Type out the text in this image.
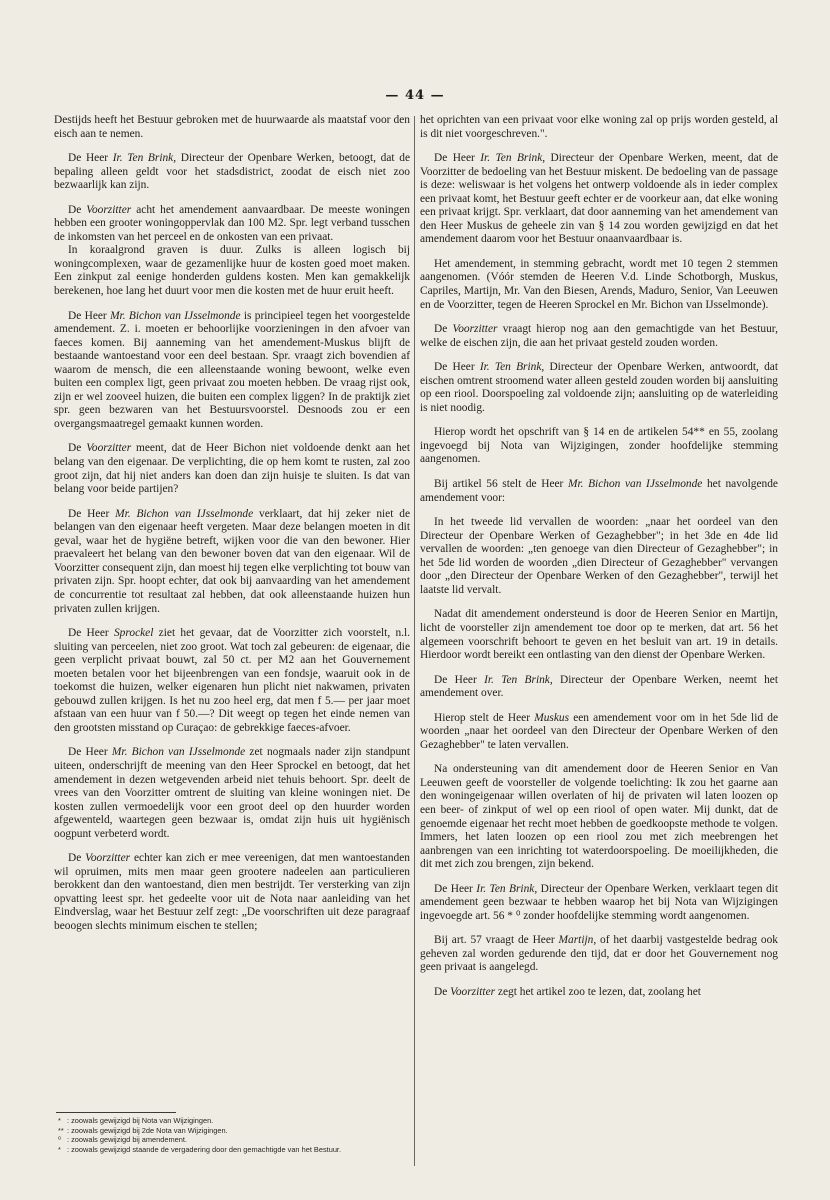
— 44 —

Destijds heeft het Bestuur gebroken met de huurwaarde als maatstaf voor den eisch aan te nemen.

De Heer Ir. Ten Brink, Directeur der Openbare Werken, betoogt, dat de bepaling alleen geldt voor het stadsdistrict, zoodat de eisch niet zoo bezwaarlijk kan zijn.

De Voorzitter acht het amendement aanvaardbaar. De meeste woningen hebben een grooter woningoppervlak dan 100 M2. Spr. legt verband tusschen de inkomsten van het perceel en de onkosten van een privaat.

In koraalgrond graven is duur. Zulks is alleen logisch bij woningcomplexen, waar de gezamenlijke huur de kosten goed moet maken. Een zinkput zal eenige honderden guldens kosten. Men kan gemakkelijk berekenen, hoe lang het duurt voor men die kosten met de huur eruit heeft.

De Heer Mr. Bichon van IJsselmonde is principieel tegen het voorgestelde amendement. Z. i. moeten er behoorlijke voorzieningen in den afvoer van faeces komen. Bij aanneming van het amendement-Muskus blijft de bestaande wantoestand voor een deel bestaan. Spr. vraagt zich bovendien af waarom de mensch, die een alleenstaande woning bewoont, welke even buiten een complex ligt, geen privaat zou moeten hebben. De vraag rijst ook, zijn er wel zooveel huizen, die buiten een complex liggen? In de praktijk ziet spr. geen bezwaren van het Bestuursvoorstel. Desnoods zou er een overgangsmaatregel gemaakt kunnen worden.

De Voorzitter meent, dat de Heer Bichon niet voldoende denkt aan het belang van den eigenaar. De verplichting, die op hem komt te rusten, zal zoo groot zijn, dat hij niet anders kan doen dan zijn huisje te sluiten. Is dat van belang voor beide partijen?

De Heer Mr. Bichon van IJsselmonde verklaart, dat hij zeker niet de belangen van den eigenaar heeft vergeten. Maar deze belangen moeten in dit geval, waar het de hygiëne betreft, wijken voor die van den bewoner. Hier praevaleert het belang van den bewoner boven dat van den eigenaar. Wil de Voorzitter consequent zijn, dan moest hij tegen elke verplichting tot bouw van privaten zijn. Spr. hoopt echter, dat ook bij aanvaarding van het amendement de concurrentie tot resultaat zal hebben, dat ook alleenstaande huizen hun privaten zullen krijgen.

De Heer Sprockel ziet het gevaar, dat de Voorzitter zich voorstelt, n.l. sluiting van perceelen, niet zoo groot. Wat toch zal gebeuren: de eigenaar, die geen verplicht privaat bouwt, zal 50 ct. per M2 aan het Gouvernement moeten betalen voor het bijeenbrengen van een fondsje, waaruit ook in de toekomst die huizen, welker eigenaren hun plicht niet nakwamen, privaten gebouwd zullen krijgen. Is het nu zoo heel erg, dat men f 5.— per jaar moet afstaan van een huur van f 50.—? Dit weegt op tegen het einde nemen van den grootsten misstand op Curaçao: de gebrekkige faeces-afvoer.

De Heer Mr. Bichon van IJsselmonde zet nogmaals nader zijn standpunt uiteen, onderschrijft de meening van den Heer Sprockel en betoogt, dat het amendement in dezen wetgevenden arbeid niet tehuis behoort. Spr. deelt de vrees van den Voorzitter omtrent de sluiting van kleine woningen niet. De kosten zullen vermoedelijk voor een groot deel op den huurder worden afgewenteld, waartegen geen bezwaar is, omdat zijn huis uit hygiënisch oogpunt verbeterd wordt.

De Voorzitter echter kan zich er mee vereenigen, dat men wantoestanden wil opruimen, mits men maar geen grootere nadeelen aan particulieren berokkent dan den wantoestand, dien men bestrijdt. Ter versterking van zijn opvatting leest spr. het gedeelte voor uit de Nota naar aanleiding van het Eindverslag, waar het Bestuur zelf zegt: „De voorschriften uit deze paragraaf beoogen slechts minimum eischen te stellen;

het oprichten van een privaat voor elke woning zal op prijs worden gesteld, al is dit niet voorgeschreven.".

De Heer Ir. Ten Brink, Directeur der Openbare Werken, meent, dat de Voorzitter de bedoeling van het Bestuur miskent. De bedoeling van de passage is deze: weliswaar is het volgens het ontwerp voldoende als in ieder complex een privaat komt, het Bestuur geeft echter er de voorkeur aan, dat elke woning een privaat krijgt. Spr. verklaart, dat door aanneming van het amendement van den Heer Muskus de geheele zin van § 14 zou worden gewijzigd en dat het amendement daarom voor het Bestuur onaanvaardbaar is.

Het amendement, in stemming gebracht, wordt met 10 tegen 2 stemmen aangenomen. (Vóór stemden de Heeren V.d. Linde Schotborgh, Muskus, Capriles, Martijn, Mr. Van den Biesen, Arends, Maduro, Senior, Van Leeuwen en de Voorzitter, tegen de Heeren Sprockel en Mr. Bichon van IJsselmonde).

De Voorzitter vraagt hierop nog aan den gemachtigde van het Bestuur, welke de eischen zijn, die aan het privaat gesteld zouden worden.

De Heer Ir. Ten Brink, Directeur der Openbare Werken, antwoordt, dat eischen omtrent stroomend water alleen gesteld zouden worden bij aansluiting op een riool. Doorspoeling zal voldoende zijn; aansluiting op de waterleiding is niet noodig.

Hierop wordt het opschrift van § 14 en de artikelen 54** en 55, zoolang ingevoegd bij Nota van Wijzigingen, zonder hoofdelijke stemming aangenomen.

Bij artikel 56 stelt de Heer Mr. Bichon van IJsselmonde het navolgende amendement voor:

In het tweede lid vervallen de woorden: „naar het oordeel van den Directeur der Openbare Werken of Gezaghebber"; in het 3de en 4de lid vervallen de woorden: „ten genoege van dien Directeur of Gezaghebber"; in het 5de lid worden de woorden „dien Directeur of Gezaghebber" vervangen door „den Directeur der Openbare Werken of den Gezaghebber", terwijl het laatste lid vervalt.

Nadat dit amendement ondersteund is door de Heeren Senior en Martijn, licht de voorsteller zijn amendement toe door op te merken, dat art. 56 het algemeen voorschrift behoort te geven en het besluit van art. 19 in details. Hierdoor wordt bereikt een ontlasting van den dienst der Openbare Werken.

De Heer Ir. Ten Brink, Directeur der Openbare Werken, neemt het amendement over.

Hierop stelt de Heer Muskus een amendement voor om in het 5de lid de woorden „naar het oordeel van den Directeur der Openbare Werken of den Gezaghebber" te laten vervallen.

Na ondersteuning van dit amendement door de Heeren Senior en Van Leeuwen geeft de voorsteller de volgende toelichting: Ik zou het gaarne aan den woningeigenaar willen overlaten of hij de privaten wil laten loozen op een beer- of zinkput of wel op een riool of open water. Mij dunkt, dat de genoemde eigenaar het recht moet hebben de goedkoopste methode te volgen. Immers, het laten loozen op een riool zou met zich meebrengen het aanbrengen van een inrichting tot waterdoorspoeling. De moeilijkheden, die dit met zich zou brengen, zijn bekend.

De Heer Ir. Ten Brink, Directeur der Openbare Werken, verklaart tegen dit amendement geen bezwaar te hebben waarop het bij Nota van Wijzigingen ingevoegde art. 56 * ⁰ zonder hoofdelijke stemming wordt aangenomen.

Bij art. 57 vraagt de Heer Martijn, of het daarbij vastgestelde bedrag ook geheven zal worden gedurende den tijd, dat er door het Gouvernement nog geen privaat is aangelegd.

De Voorzitter zegt het artikel zoo te lezen, dat, zoolang het

* : zoowals gewijzigd bij Nota van Wijzigingen.
** : zoowals gewijzigd bij 2de Nota van Wijzigingen.
⁰ : zoowals gewijzigd bij amendement.
* : zoowals gewijzigd staande de vergadering door den gemachtigde van het Bestuur.
